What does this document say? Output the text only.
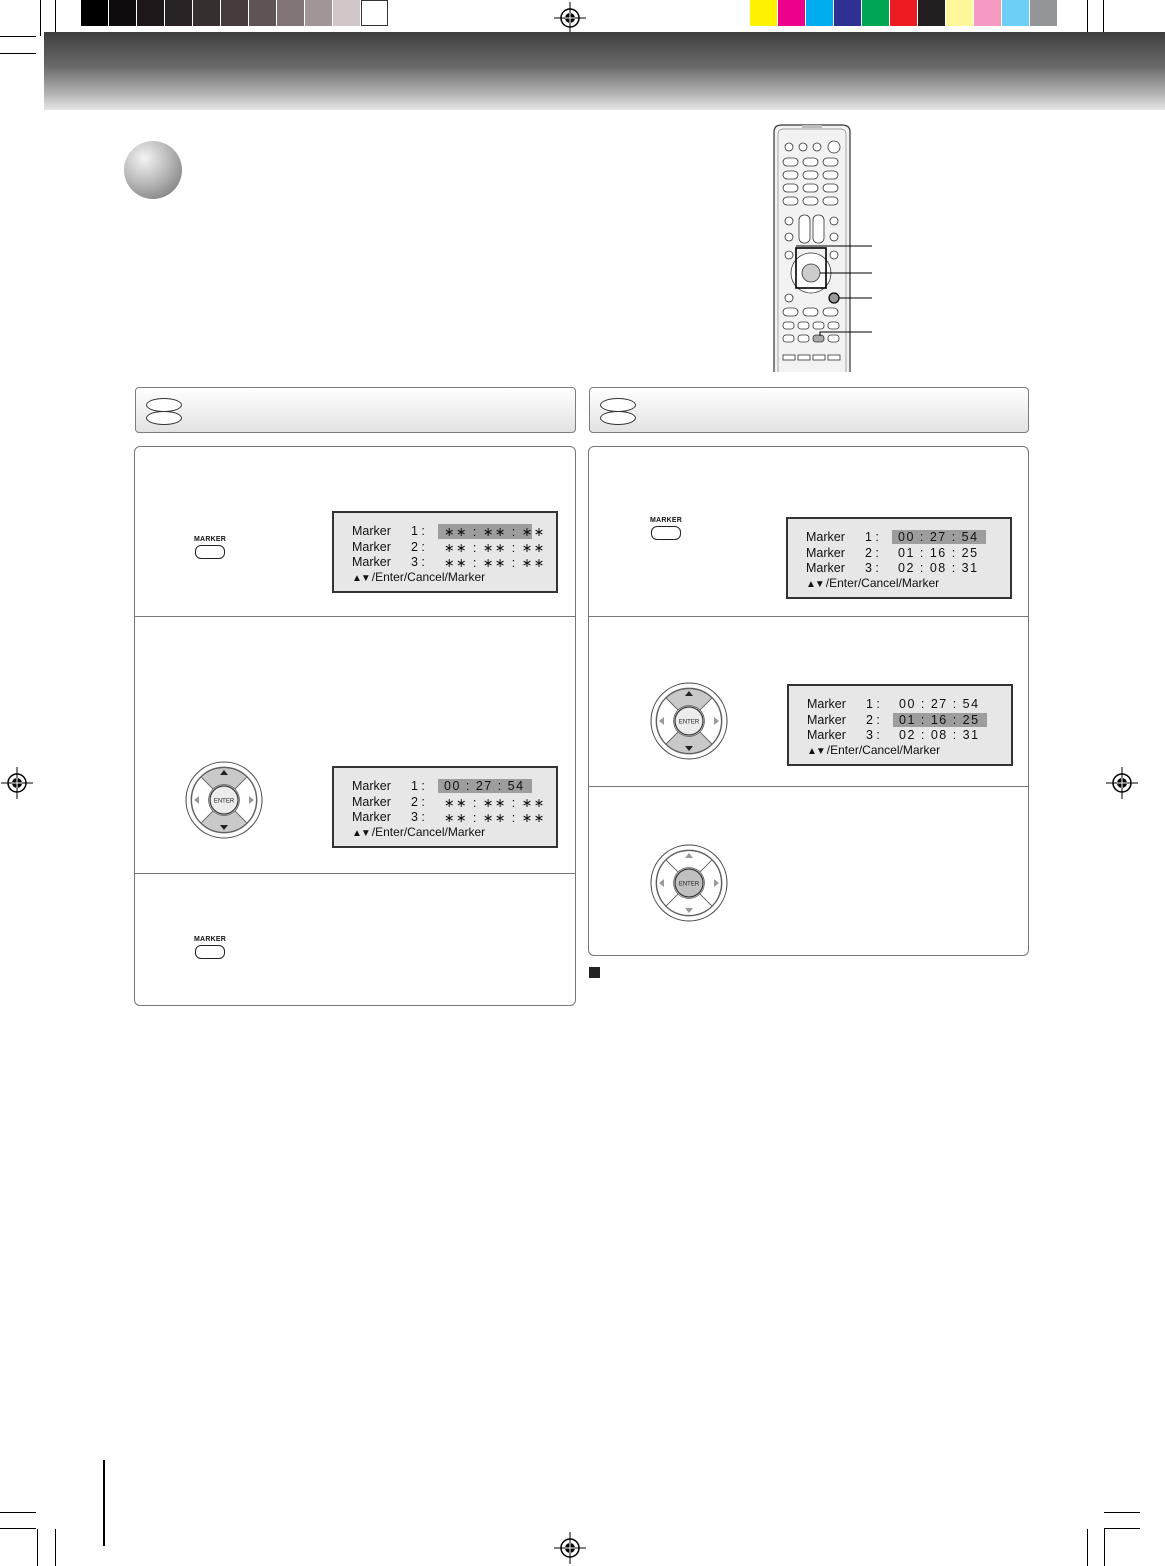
MARKER
Marker	1 :	∗∗ : ∗∗ : ∗∗
Marker	2 :	∗∗ : ∗∗ : ∗∗
Marker	3 :	∗∗ : ∗∗ : ∗∗
▲▼ /Enter/Cancel/Marker
ENTER
Marker	1 :	00 : 27 : 54
Marker	2 :	∗∗ : ∗∗ : ∗∗
Marker	3 :	∗∗ : ∗∗ : ∗∗
▲▼ /Enter/Cancel/Marker
MARKER
MARKER
Marker	1 :	00 : 27 : 54
Marker	2 :	01 : 16 : 25
Marker	3 :	02 : 08 : 31
▲▼ /Enter/Cancel/Marker
ENTER
Marker	1 :	00 : 27 : 54
Marker	2 :	01 : 16 : 25
Marker	3 :	02 : 08 : 31
▲▼ /Enter/Cancel/Marker
ENTER
